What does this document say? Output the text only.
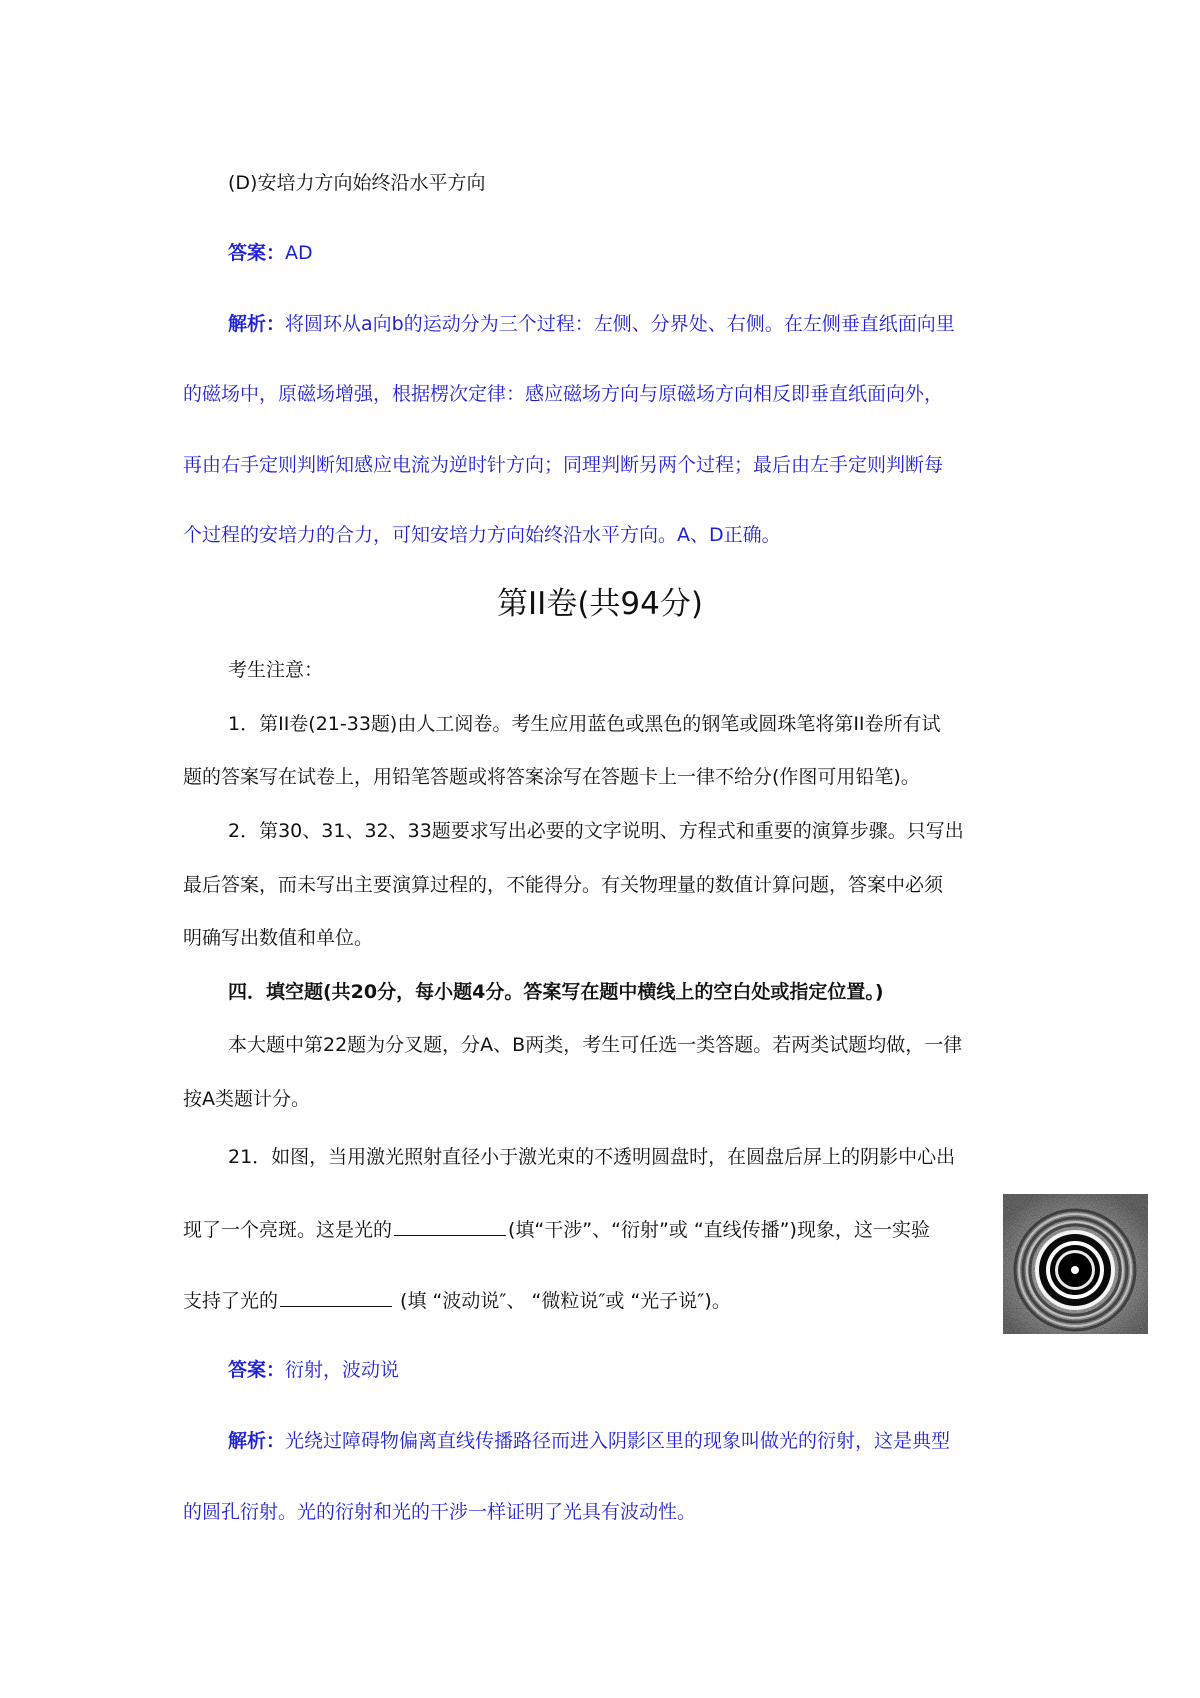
(D)安培力方向始终沿水平方向

答案：AD

解析：将圆环从a向b的运动分为三个过程：左侧、分界处、右侧。在左侧垂直纸面向里

的磁场中，原磁场增强，根据楞次定律：感应磁场方向与原磁场方向相反即垂直纸面向外，

再由右手定则判断知感应电流为逆时针方向；同理判断另两个过程；最后由左手定则判断每

个过程的安培力的合力，可知安培力方向始终沿水平方向。A、D正确。

第II卷(共94分)

考生注意：

1．第II卷(21-33题)由人工阅卷。考生应用蓝色或黑色的钢笔或圆珠笔将第II卷所有试

题的答案写在试卷上，用铅笔答题或将答案涂写在答题卡上一律不给分(作图可用铅笔)。

2．第30、31、32、33题要求写出必要的文字说明、方程式和重要的演算步骤。只写出

最后答案，而未写出主要演算过程的，不能得分。有关物理量的数值计算问题，答案中必须

明确写出数值和单位。

四．填空题(共20分，每小题4分。答案写在题中横线上的空白处或指定位置。)

本大题中第22题为分叉题，分A、B两类，考生可任选一类答题。若两类试题均做，一律

按A类题计分。

21．如图，当用激光照射直径小于激光束的不透明圆盘时，在圆盘后屏上的阴影中心出

现了一个亮斑。这是光的	(填“干涉”、“衍射”或 “直线传播”)现象，这一实验

支持了光的	(填 “波动说″、 “微粒说″或 “光子说″)。

答案：衍射，波动说

解析：光绕过障碍物偏离直线传播路径而进入阴影区里的现象叫做光的衍射，这是典型

的圆孔衍射。光的衍射和光的干涉一样证明了光具有波动性。
